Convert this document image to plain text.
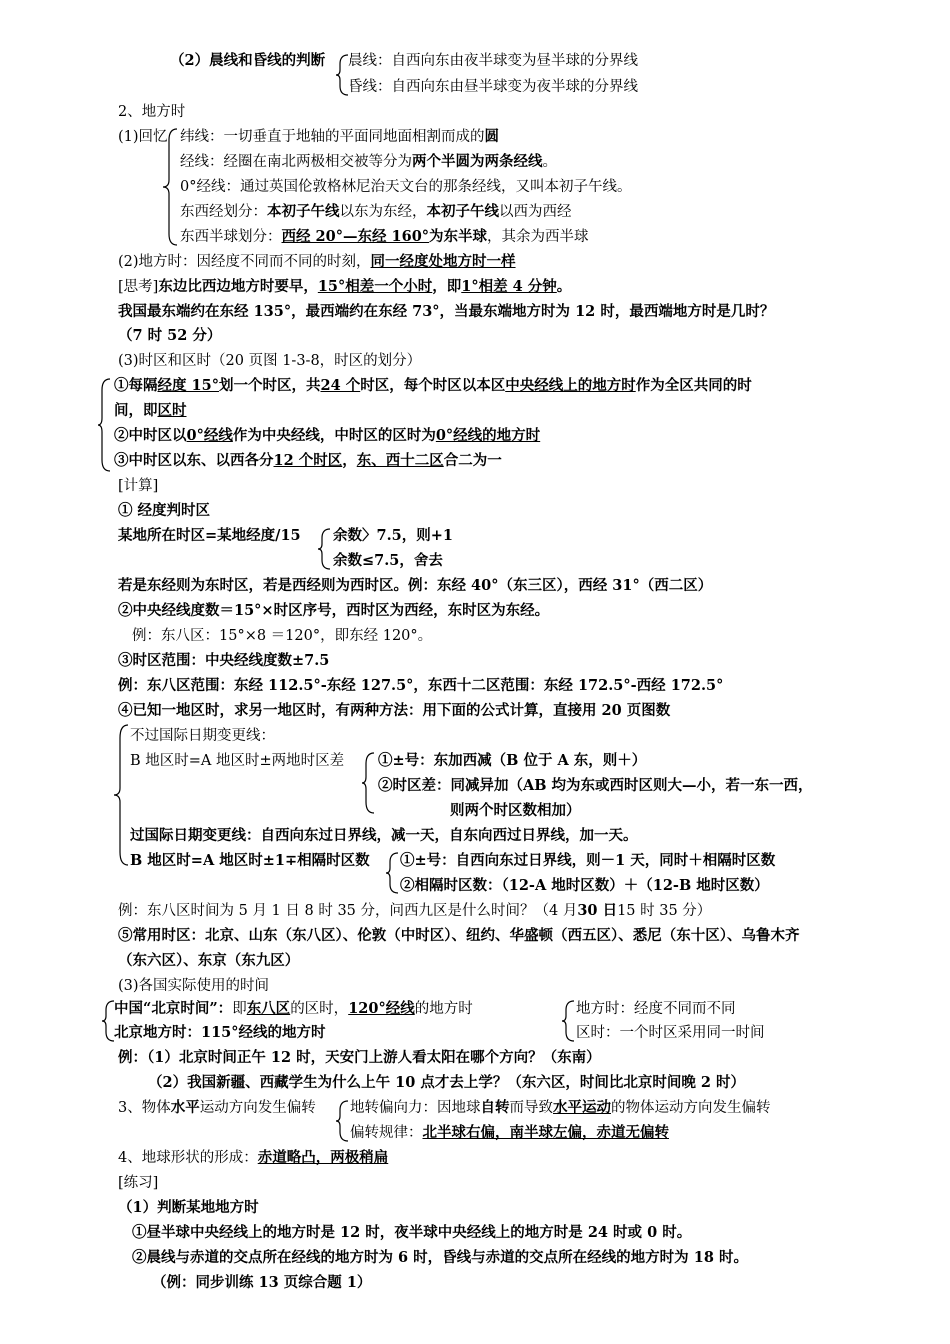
（2）晨线和昏线的判断 晨线：自西向东由夜半球变为昼半球的分界线
昏线：自西向东由昼半球变为夜半球的分界线
2、地方时
(1)回忆 纬线：一切垂直于地轴的平面同地面相割而成的圆
经线：经圈在南北两极相交被等分为两个半圆为两条经线。
0°经线：通过英国伦敦格林尼治天文台的那条经线，又叫本初子午线。
东西经划分：本初子午线以东为东经，本初子午线以西为西经
东西半球划分：西经 20°—东经 160°为东半球，其余为西半球
(2)地方时：因经度不同而不同的时刻，同一经度处地方时一样
[思考]东边比西边地方时要早，15°相差一个小时，即1°相差 4 分钟。
我国最东端约在东经 135°，最西端约在东经 73°，当最东端地方时为 12 时，最西端地方时是几时？
（7 时 52 分）
(3)时区和区时（20 页图 1-3-8，时区的划分）
①每隔经度 15°划一个时区，共24 个时区，每个时区以本区中央经线上的地方时作为全区共同的时
间，即区时
②中时区以0°经线作为中央经线，中时区的区时为0°经线的地方时
③中时区以东、以西各分12 个时区，东、西十二区合二为一
[计算]
① 经度判时区
某地所在时区=某地经度/15 余数〉7.5，则+1
余数≤7.5，舍去
若是东经则为东时区，若是西经则为西时区。例：东经 40°（东三区），西经 31°（西二区）
②中央经线度数＝15°×时区序号，西时区为西经，东时区为东经。
例：东八区：15°×8 ＝120°，即东经 120°。
③时区范围：中央经线度数±7.5
例：东八区范围：东经 112.5°-东经 127.5°，东西十二区范围：东经 172.5°-西经 172.5°
④已知一地区时，求另一地区时，有两种方法：用下面的公式计算，直接用 20 页图数
不过国际日期变更线：
B 地区时=A 地区时±两地时区差 ①±号：东加西减（B 位于 A 东，则＋）
②时区差：同减异加（AB 均为东或西时区则大—小，若一东一西，
则两个时区数相加）
过国际日期变更线：自西向东过日界线，减一天，自东向西过日界线，加一天。
B 地区时=A 地区时±1∓相隔时区数 ①±号：自西向东过日界线，则－1 天，同时＋相隔时区数
②相隔时区数：（12-A 地时区数）＋（12-B 地时区数）
例：东八区时间为 5 月 1 日 8 时 35 分，问西九区是什么时间？（4 月30 日15 时 35 分）
⑤常用时区：北京、山东（东八区）、伦敦（中时区）、纽约、华盛顿（西五区）、悉尼（东十区）、乌鲁木齐
（东六区）、东京（东九区）
(3)各国实际使用的时间
中国“北京时间”：即东八区的区时，120°经线的地方时
北京地方时：115°经线的地方时
地方时：经度不同而不同
区时：一个时区采用同一时间
例：（1）北京时间正午 12 时，天安门上游人看太阳在哪个方向？（东南）
（2）我国新疆、西藏学生为什么上午 10 点才去上学？（东六区，时间比北京时间晚 2 时）
3、物体水平运动方向发生偏转 地转偏向力：因地球自转而导致水平运动的物体运动方向发生偏转
偏转规律：北半球右偏，南半球左偏，赤道无偏转
4、地球形状的形成：赤道略凸，两极稍扁
[练习]
（1）判断某地地方时
①昼半球中央经线上的地方时是 12 时，夜半球中央经线上的地方时是 24 时或 0 时。
②晨线与赤道的交点所在经线的地方时为 6 时，昏线与赤道的交点所在经线的地方时为 18 时。
（例：同步训练 13 页综合题 1）
